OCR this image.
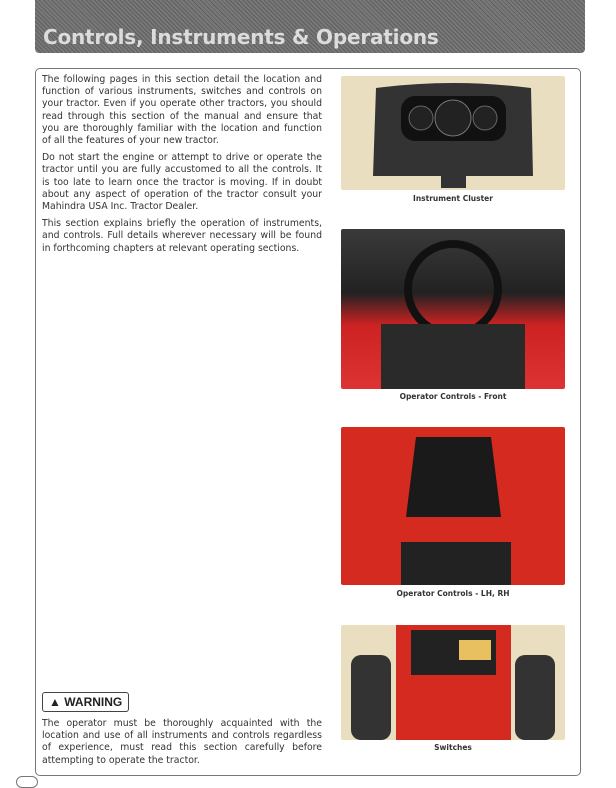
Controls, Instruments & Operations

The following pages in this section detail the location and function of various instruments, switches and controls on your tractor. Even if you operate other tractors, you should read through this section of the manual and ensure that you are thoroughly familiar with the location and function of all the features of your new tractor.

Do not start the engine or attempt to drive or operate the tractor until you are fully accustomed to all the controls. It is too late to learn once the tractor is moving. If in doubt about any aspect of operation of the tractor consult your Mahindra USA Inc. Tractor Dealer.

This section explains briefly the operation of instruments, and controls. Full details wherever necessary will be found in forthcoming chapters at relevant operating sections.

▲ WARNING
The operator must be thoroughly acquainted with the location and use of all instruments and controls regardless of experience, must read this section carefully before attempting to operate the tractor.
Instrument Cluster
Operator Controls - Front
Operator Controls - LH, RH
Switches
